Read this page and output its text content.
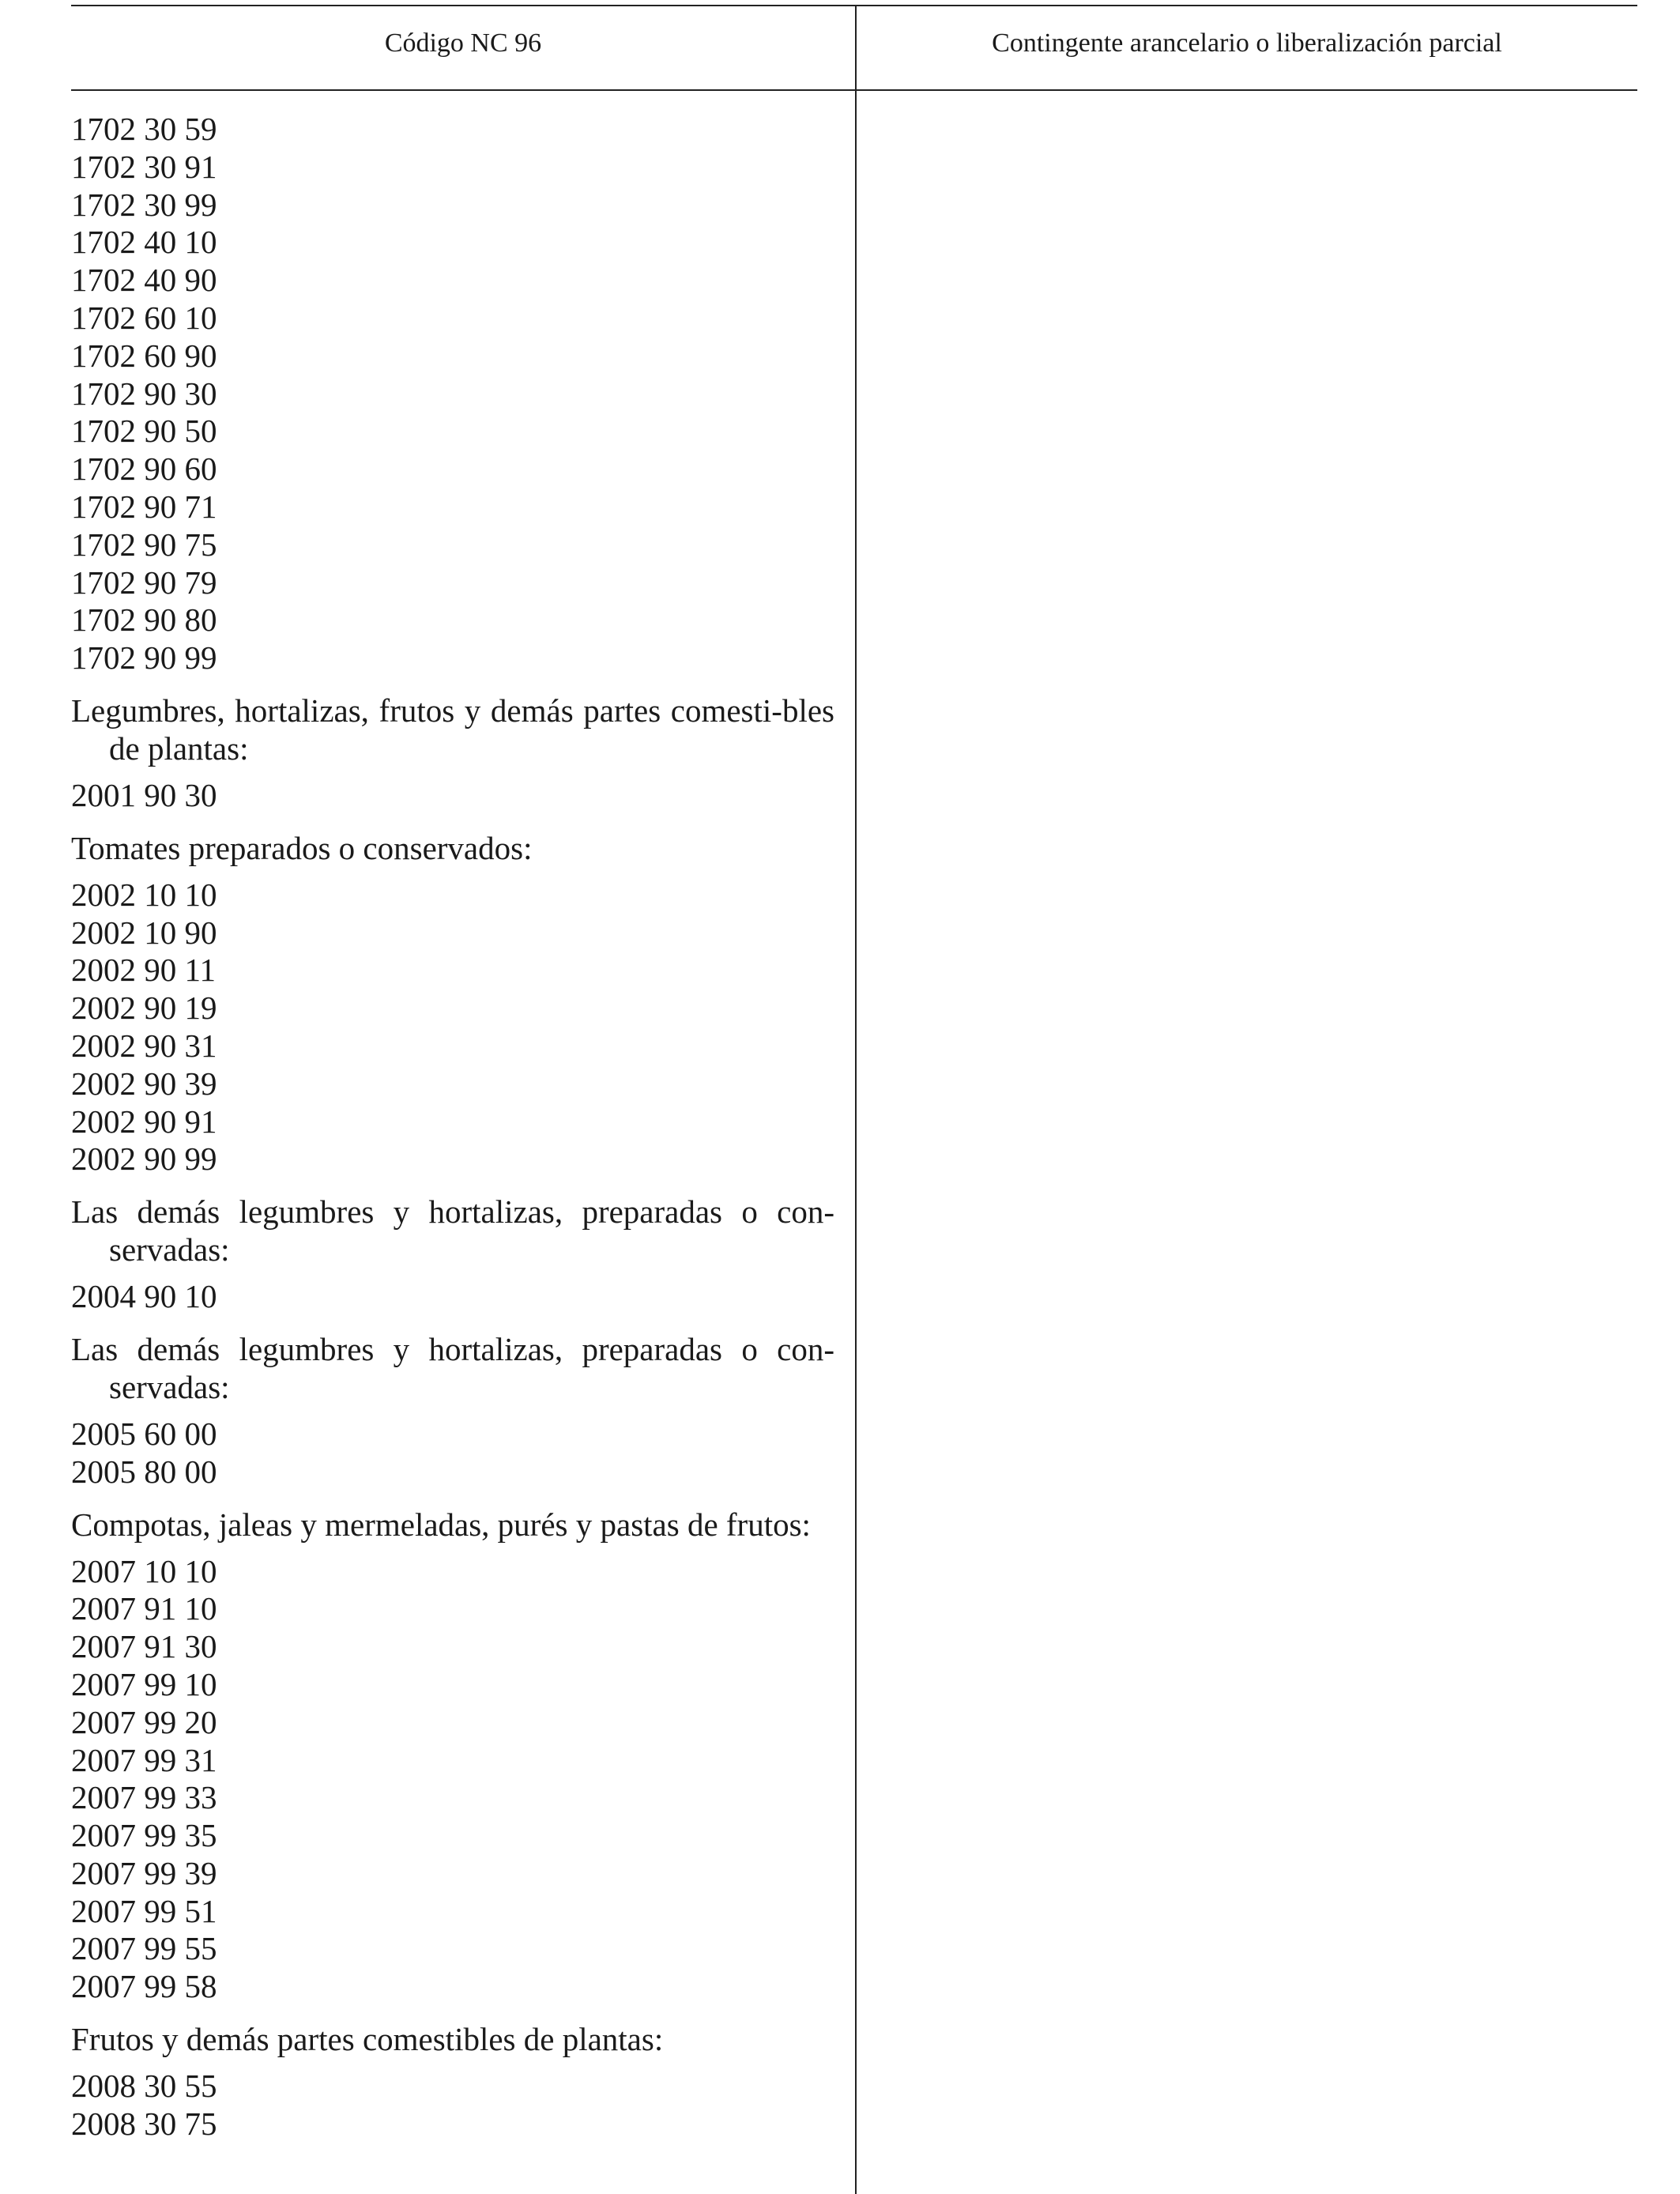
Código NC 96	Contingente arancelario o liberalización parcial
1702 30 59
1702 30 91
1702 30 99
1702 40 10
1702 40 90
1702 60 10
1702 60 90
1702 90 30
1702 90 50
1702 90 60
1702 90 71
1702 90 75
1702 90 79
1702 90 80
1702 90 99
Legumbres, hortalizas, frutos y demás partes comesti-bles de plantas:
2001 90 30
Tomates preparados o conservados:
2002 10 10
2002 10 90
2002 90 11
2002 90 19
2002 90 31
2002 90 39
2002 90 91
2002 90 99
Las demás legumbres y hortalizas, preparadas o con-servadas:
2004 90 10
Las demás legumbres y hortalizas, preparadas o con-servadas:
2005 60 00
2005 80 00
Compotas, jaleas y mermeladas, purés y pastas de frutos:
2007 10 10
2007 91 10
2007 91 30
2007 99 10
2007 99 20
2007 99 31
2007 99 33
2007 99 35
2007 99 39
2007 99 51
2007 99 55
2007 99 58
Frutos y demás partes comestibles de plantas:
2008 30 55
2008 30 75
